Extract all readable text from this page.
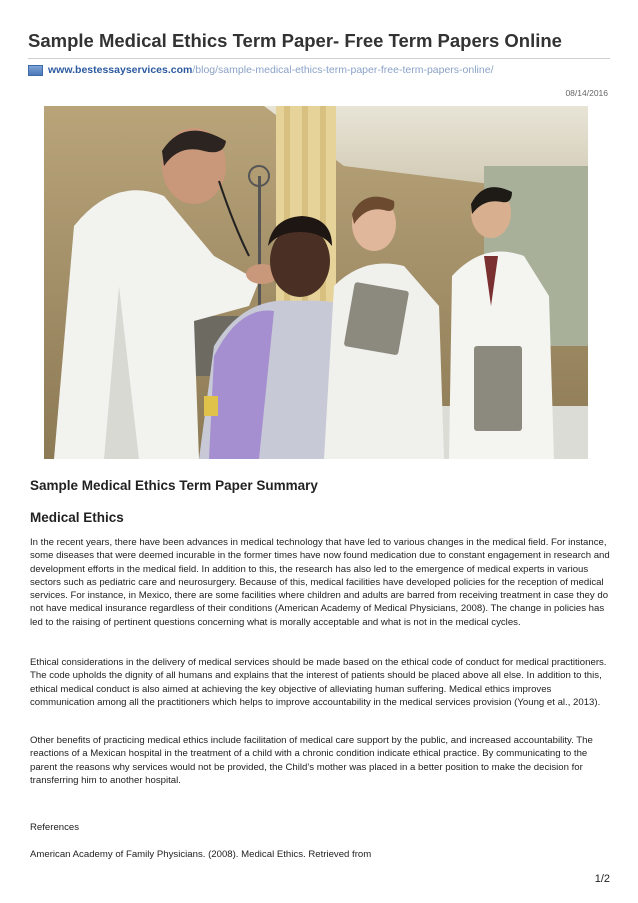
Sample Medical Ethics Term Paper- Free Term Papers Online
www.bestessayservices.com /blog/sample-medical-ethics-term-paper-free-term-papers-online/
08/14/2016
Sample Medical Ethics Term Paper Summary
Medical Ethics
In the recent years, there have been advances in medical technology that have led to various changes in the medical field. For instance, some diseases that were deemed incurable in the former times have now found medication due to constant engagement in research and development efforts in the medical field. In addition to this, the research has also led to the emergence of medical experts in various sectors such as pediatric care and neurosurgery. Because of this, medical facilities have developed policies for the reception of medical services. For instance, in Mexico, there are some facilities where children and adults are barred from receiving treatment in case they do not have medical insurance regardless of their conditions (American Academy of Medical Physicians, 2008). The change in policies has led to the raising of pertinent questions concerning what is morally acceptable and what is not in the medical cycles.
Ethical considerations in the delivery of medical services should be made based on the ethical code of conduct for medical practitioners. The code upholds the dignity of all humans and explains that the interest of patients should be placed above all else. In addition to this, ethical medical conduct is also aimed at achieving the key objective of alleviating human suffering. Medical ethics improves communication among all the practitioners which helps to improve accountability in the medical services provision (Young et al., 2013).
Other benefits of practicing medical ethics include facilitation of medical care support by the public, and increased accountability. The reactions of a Mexican hospital in the treatment of a child with a chronic condition indicate ethical practice. By communicating to the parent the reasons why services would not be provided, the Child’s mother was placed in a better position to make the decision for transferring him to another hospital.
References
American Academy of Family Physicians. (2008). Medical Ethics. Retrieved from
1/2
